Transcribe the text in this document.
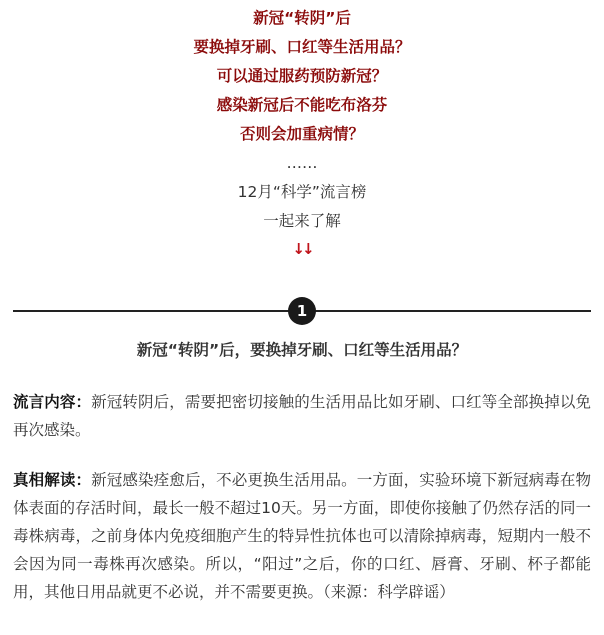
新冠“转阴”后

要换掉牙刷、口红等生活用品？

可以通过服药预防新冠？

感染新冠后不能吃布洛芬

否则会加重病情？

……

12月“科学”流言榜

一起来了解

↓↓

1

新冠“转阴”后，要换掉牙刷、口红等生活用品？

流言内容：新冠转阴后，需要把密切接触的生活用品比如牙刷、口红等全部换掉以免再次感染。

真相解读：新冠感染痊愈后，不必更换生活用品。一方面，实验环境下新冠病毒在物体表面的存活时间，最长一般不超过10天。另一方面，即使你接触了仍然存活的同一毒株病毒，之前身体内免疫细胞产生的特异性抗体也可以清除掉病毒，短期内一般不会因为同一毒株再次感染。所以，“阳过”之后，你的口红、唇膏、牙刷、杯子都能用，其他日用品就更不必说，并不需要更换。（来源：科学辟谣）
